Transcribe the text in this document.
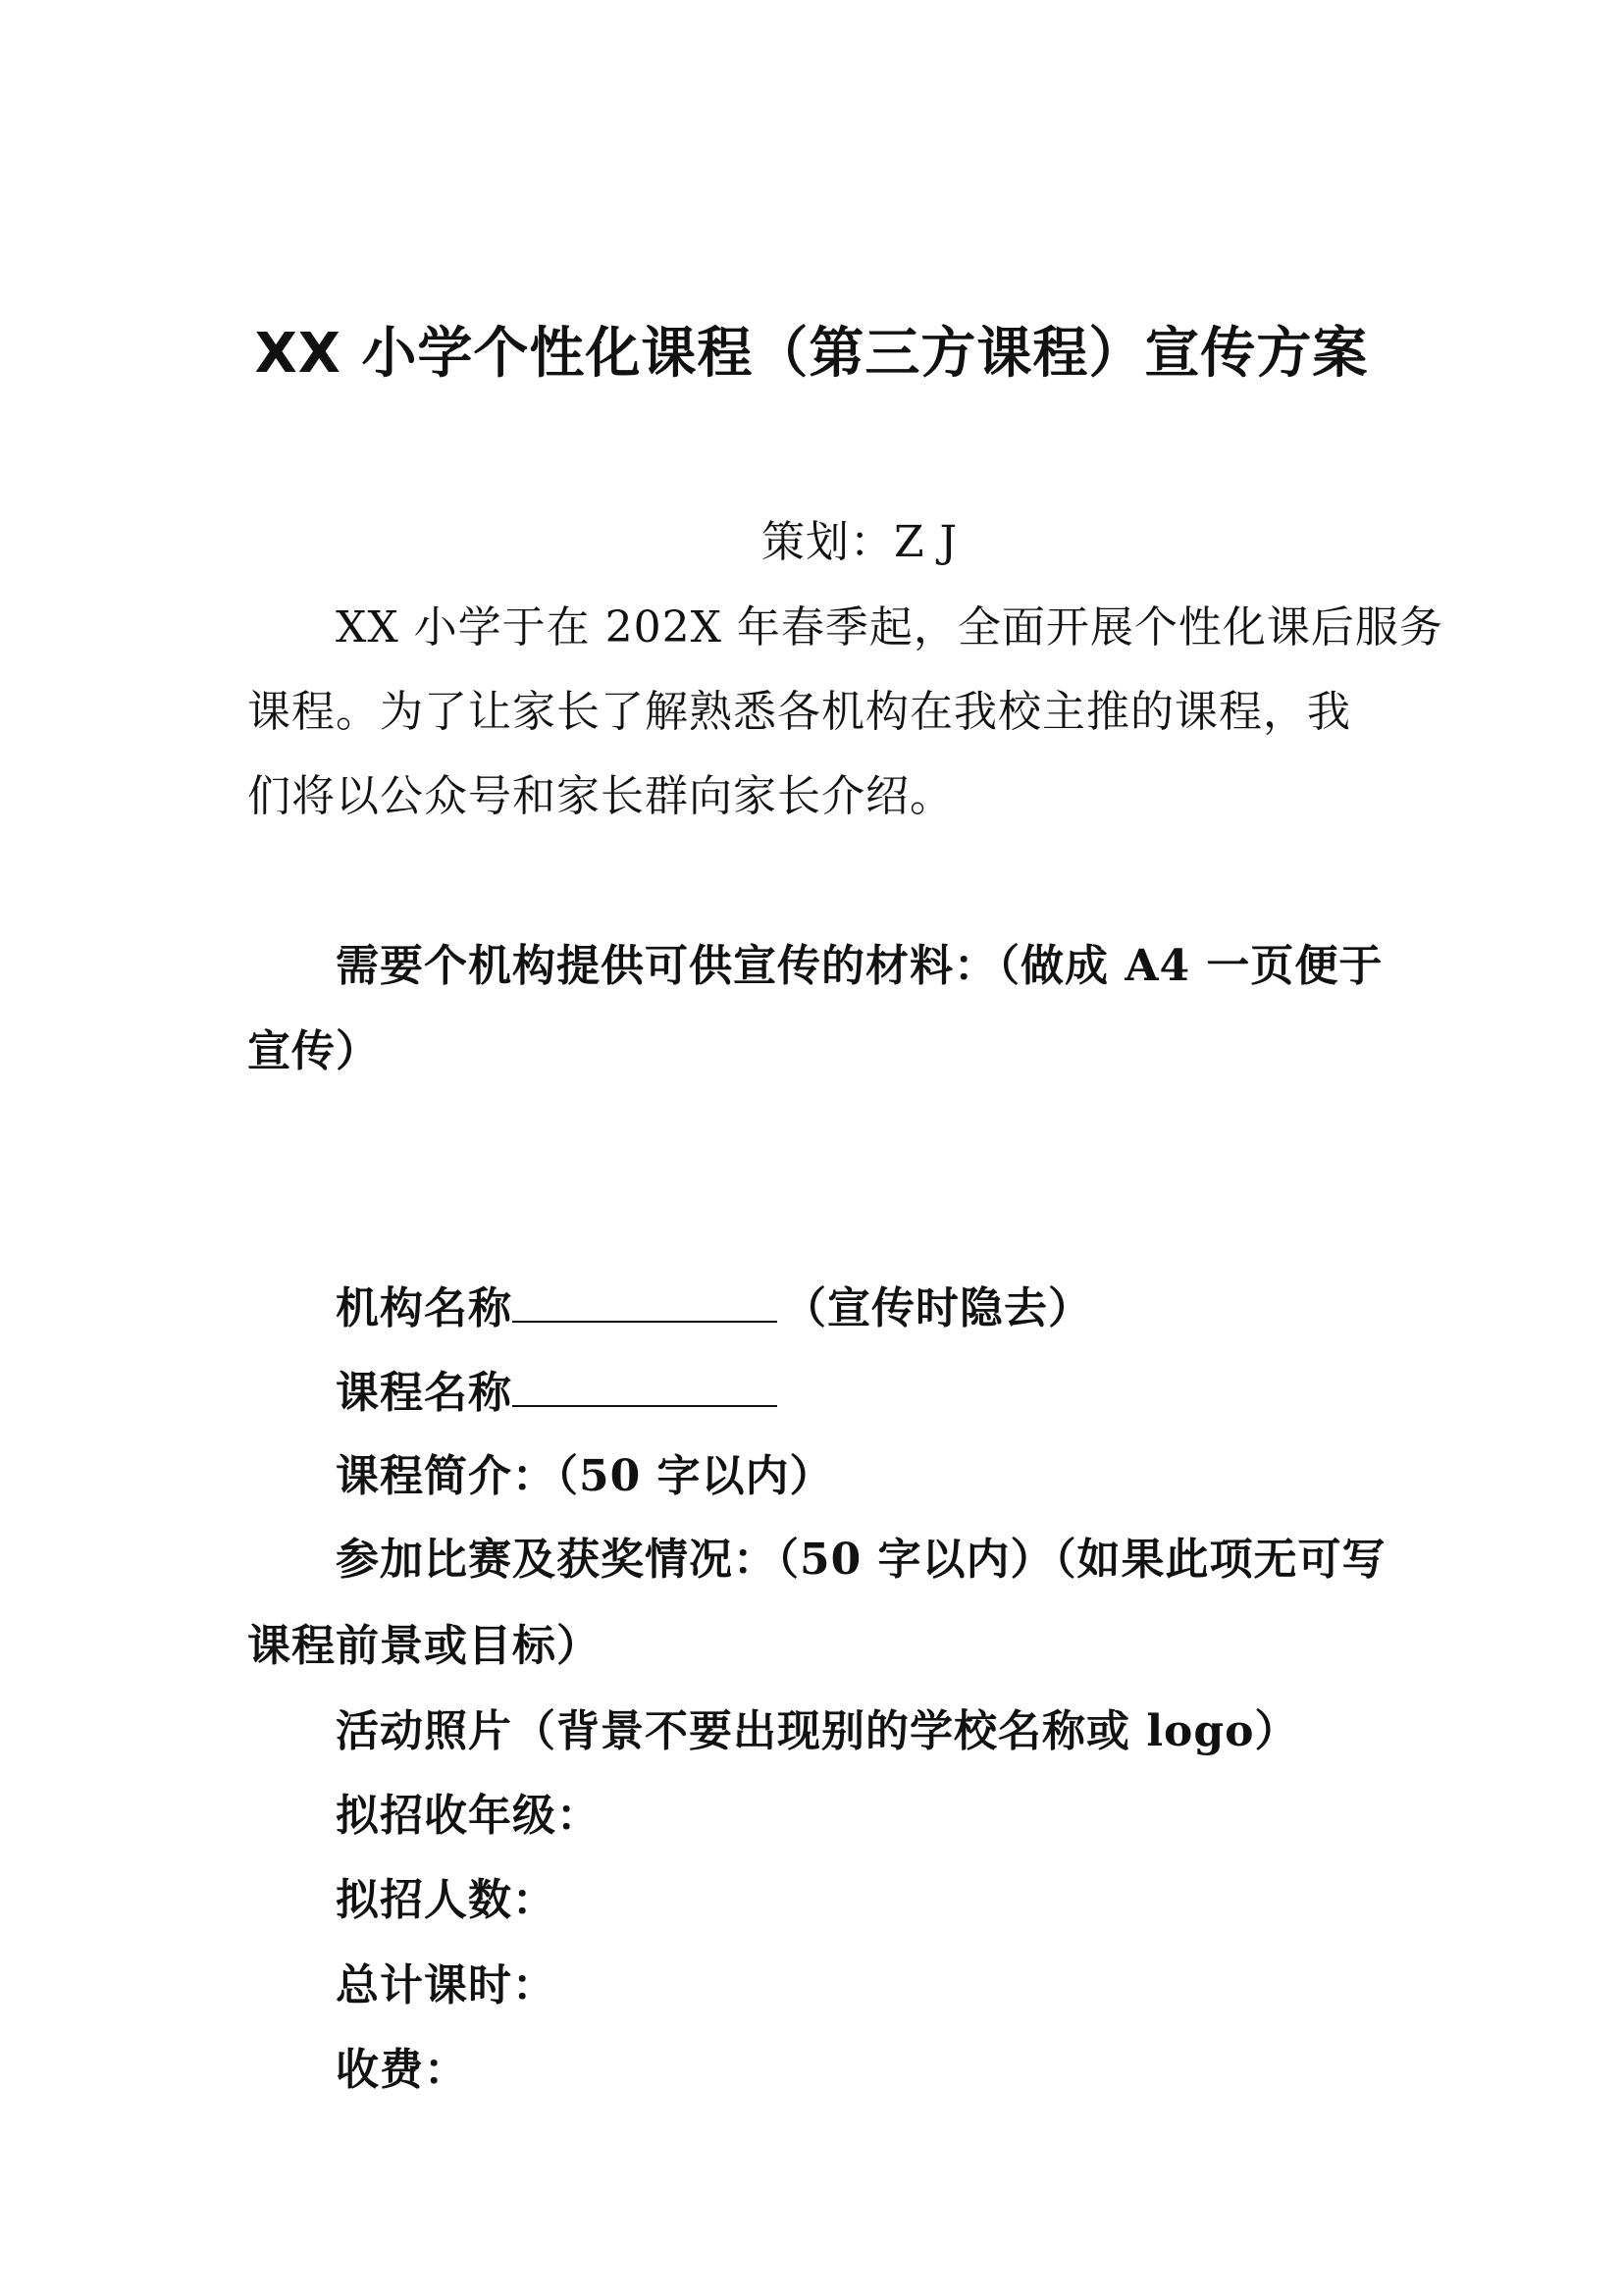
XX 小学个性化课程（第三方课程）宣传方案
策划：Z J
XX 小学于在 202X 年春季起，全面开展个性化课后服务
课程。为了让家长了解熟悉各机构在我校主推的课程，我
们将以公众号和家长群向家长介绍。
需要个机构提供可供宣传的材料：（做成 A4 一页便于
宣传）
机构名称	（宣传时隐去）
课程名称
课程简介：（50 字以内）
参加比赛及获奖情况：（50 字以内）（如果此项无可写
课程前景或目标）
活动照片（背景不要出现别的学校名称或 logo）
拟招收年级：
拟招人数：
总计课时：
收费：
